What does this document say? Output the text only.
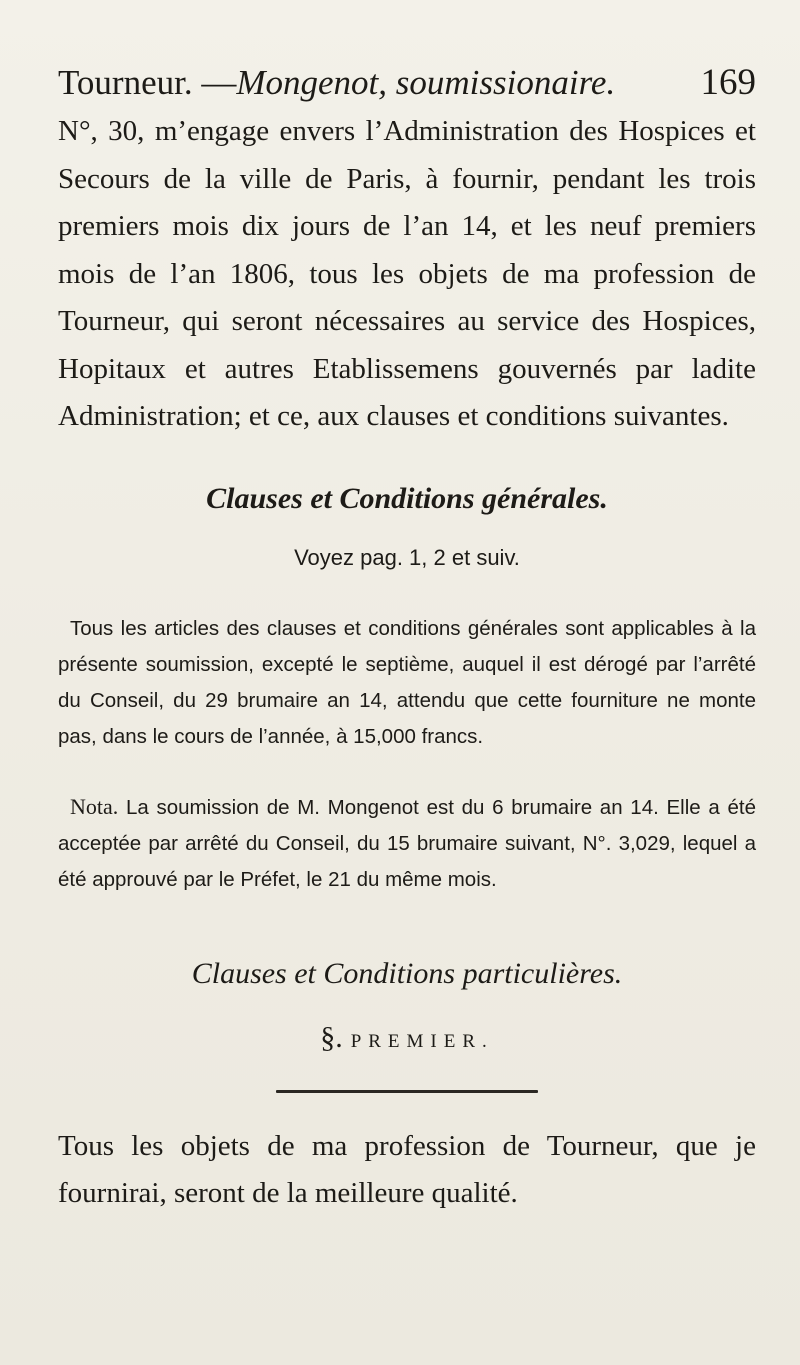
Tourneur. — Mongenot, soumissionaire. 169

N°, 30, m’engage envers l’Administration des Hospices et Secours de la ville de Paris, à fournir, pendant les trois premiers mois dix jours de l’an 14, et les neuf premiers mois de l’an 1806, tous les objets de ma profession de Tourneur, qui seront nécessaires au service des Hospices, Hopitaux et autres Etablissemens gouvernés par ladite Administration; et ce, aux clauses et conditions suivantes.

Clauses et Conditions générales.

Voyez pag. 1, 2 et suiv.

Tous les articles des clauses et conditions générales sont applicables à la présente soumission, excepté le septième, auquel il est dérogé par l’arrêté du Conseil, du 29 brumaire an 14, attendu que cette fourniture ne monte pas, dans le cours de l’année, à 15,000 francs.

Nota. La soumission de M. Mongenot est du 6 brumaire an 14. Elle a été acceptée par arrêté du Conseil, du 15 brumaire suivant, N°. 3,029, lequel a été approuvé par le Préfet, le 21 du même mois.

Clauses et Conditions particulières.

§. PREMIER.

Tous les objets de ma profession de Tourneur, que je fournirai, seront de la meilleure qualité.
